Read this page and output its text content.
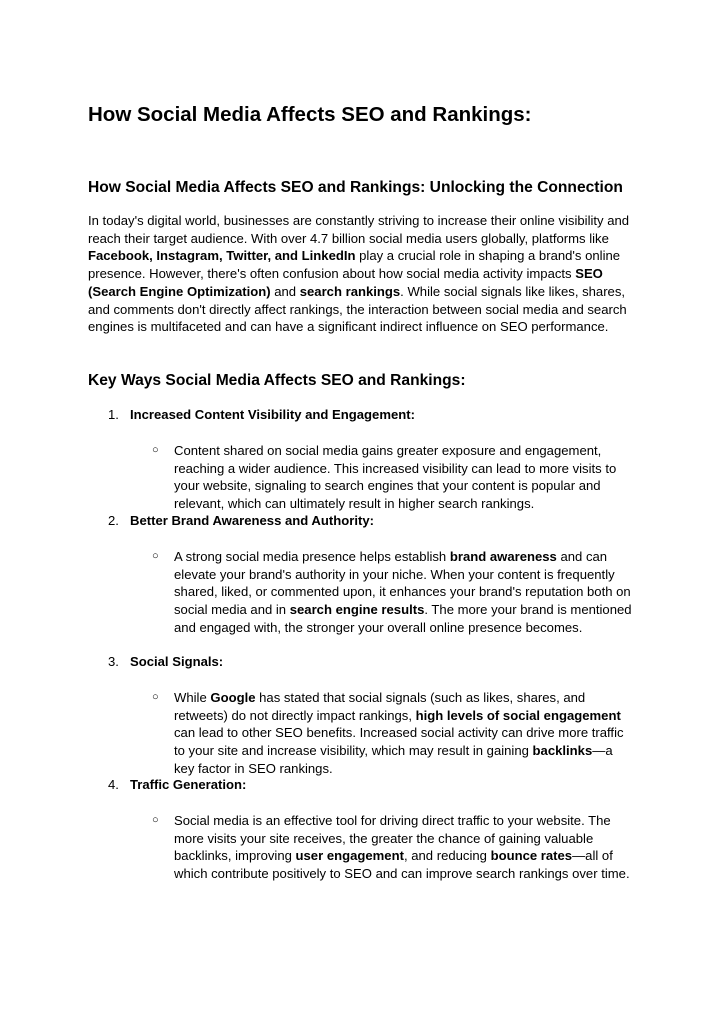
How Social Media Affects SEO and Rankings:
How Social Media Affects SEO and Rankings: Unlocking the Connection

In today's digital world, businesses are constantly striving to increase their online visibility and reach their target audience. With over 4.7 billion social media users globally, platforms like Facebook, Instagram, Twitter, and LinkedIn play a crucial role in shaping a brand's online presence. However, there's often confusion about how social media activity impacts SEO (Search Engine Optimization) and search rankings. While social signals like likes, shares, and comments don't directly affect rankings, the interaction between social media and search engines is multifaceted and can have a significant indirect influence on SEO performance.

Key Ways Social Media Affects SEO and Rankings:
1. Increased Content Visibility and Engagement:
○ Content shared on social media gains greater exposure and engagement, reaching a wider audience. This increased visibility can lead to more visits to your website, signaling to search engines that your content is popular and relevant, which can ultimately result in higher search rankings.

2. Better Brand Awareness and Authority:
○ A strong social media presence helps establish brand awareness and can elevate your brand's authority in your niche. When your content is frequently shared, liked, or commented upon, it enhances your brand's reputation both on social media and in search engine results. The more your brand is mentioned and engaged with, the stronger your overall online presence becomes.

3. Social Signals:
○ While Google has stated that social signals (such as likes, shares, and retweets) do not directly impact rankings, high levels of social engagement can lead to other SEO benefits. Increased social activity can drive more traffic to your site and increase visibility, which may result in gaining backlinks—a key factor in SEO rankings.

4. Traffic Generation:
○ Social media is an effective tool for driving direct traffic to your website. The more visits your site receives, the greater the chance of gaining valuable backlinks, improving user engagement, and reducing bounce rates—all of which contribute positively to SEO and can improve search rankings over time.
